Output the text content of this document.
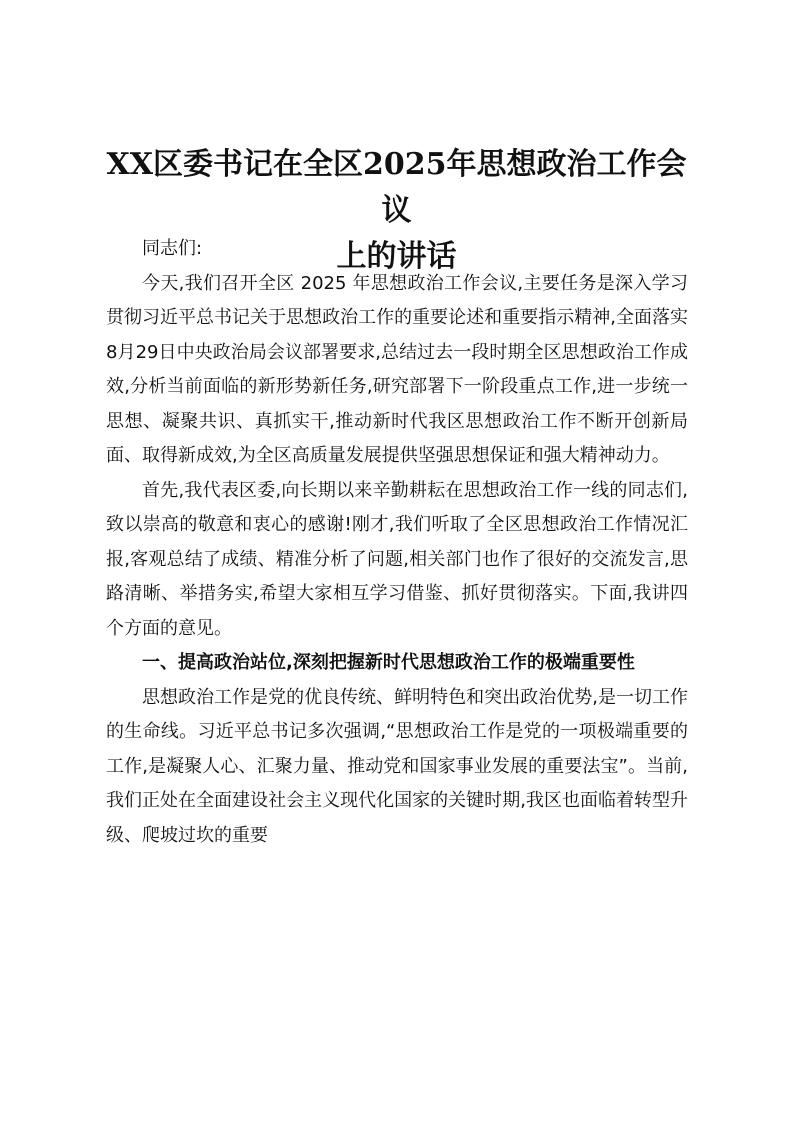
XX区委书记在全区2025年思想政治工作会议
上的讲话

同志们:

今天,我们召开全区 2025 年思想政治工作会议,主要任务是深入学习贯彻习近平总书记关于思想政治工作的重要论述和重要指示精神,全面落实8月29日中央政治局会议部署要求,总结过去一段时期全区思想政治工作成效,分析当前面临的新形势新任务,研究部署下一阶段重点工作,进一步统一思想、凝聚共识、真抓实干,推动新时代我区思想政治工作不断开创新局面、取得新成效,为全区高质量发展提供坚强思想保证和强大精神动力。

首先,我代表区委,向长期以来辛勤耕耘在思想政治工作一线的同志们,致以崇高的敬意和衷心的感谢!刚才,我们听取了全区思想政治工作情况汇报,客观总结了成绩、精准分析了问题,相关部门也作了很好的交流发言,思路清晰、举措务实,希望大家相互学习借鉴、抓好贯彻落实。下面,我讲四个方面的意见。

一、提高政治站位,深刻把握新时代思想政治工作的极端重要性

思想政治工作是党的优良传统、鲜明特色和突出政治优势,是一切工作的生命线。习近平总书记多次强调,“思想政治工作是党的一项极端重要的工作,是凝聚人心、汇聚力量、推动党和国家事业发展的重要法宝”。当前,我们正处在全面建设社会主义现代化国家的关键时期,我区也面临着转型升级、爬坡过坎的重要
